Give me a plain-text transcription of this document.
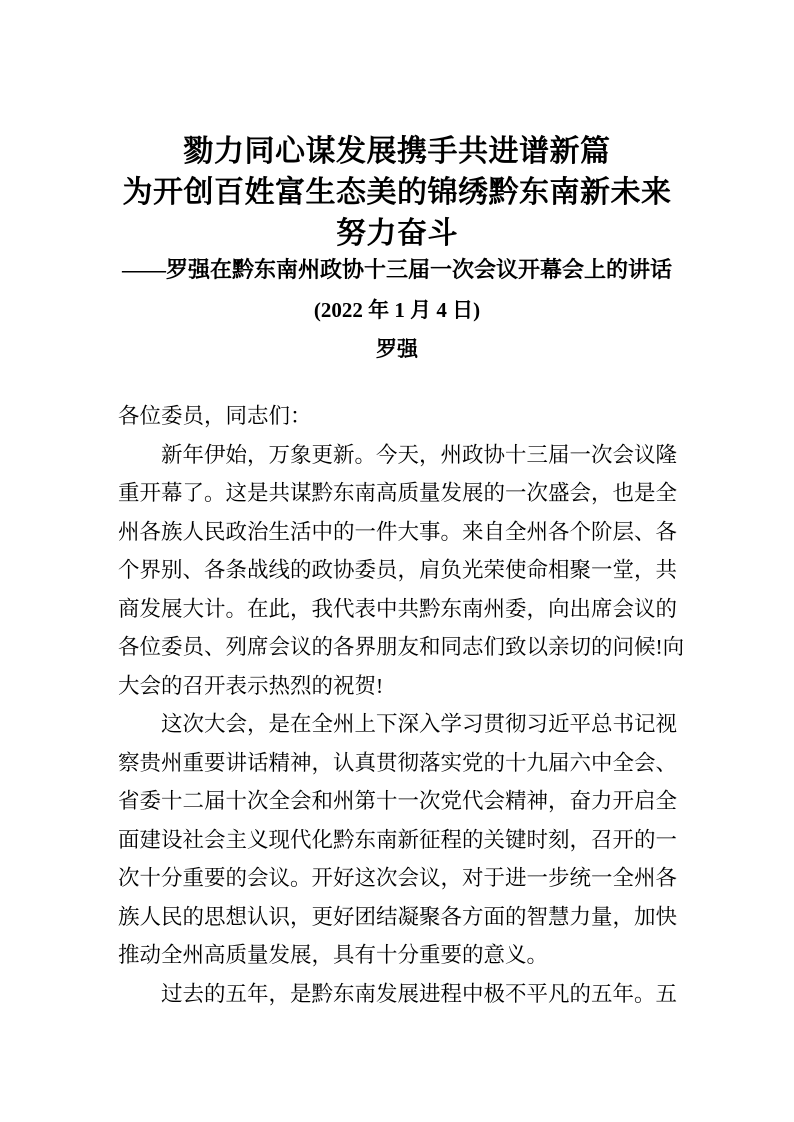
勠力同心谋发展携手共进谱新篇
为开创百姓富生态美的锦绣黔东南新未来
努力奋斗
——罗强在黔东南州政协十三届一次会议开幕会上的讲话
(2022 年 1 月 4 日)
罗强
各位委员，同志们：
新年伊始，万象更新。今天，州政协十三届一次会议隆
重开幕了。这是共谋黔东南高质量发展的一次盛会，也是全
州各族人民政治生活中的一件大事。来自全州各个阶层、各
个界别、各条战线的政协委员，肩负光荣使命相聚一堂，共
商发展大计。在此，我代表中共黔东南州委，向出席会议的
各位委员、列席会议的各界朋友和同志们致以亲切的问候!向
大会的召开表示热烈的祝贺!
这次大会，是在全州上下深入学习贯彻习近平总书记视
察贵州重要讲话精神，认真贯彻落实党的十九届六中全会、
省委十二届十次全会和州第十一次党代会精神，奋力开启全
面建设社会主义现代化黔东南新征程的关键时刻，召开的一
次十分重要的会议。开好这次会议，对于进一步统一全州各
族人民的思想认识，更好团结凝聚各方面的智慧力量，加快
推动全州高质量发展，具有十分重要的意义。
过去的五年，是黔东南发展进程中极不平凡的五年。五
